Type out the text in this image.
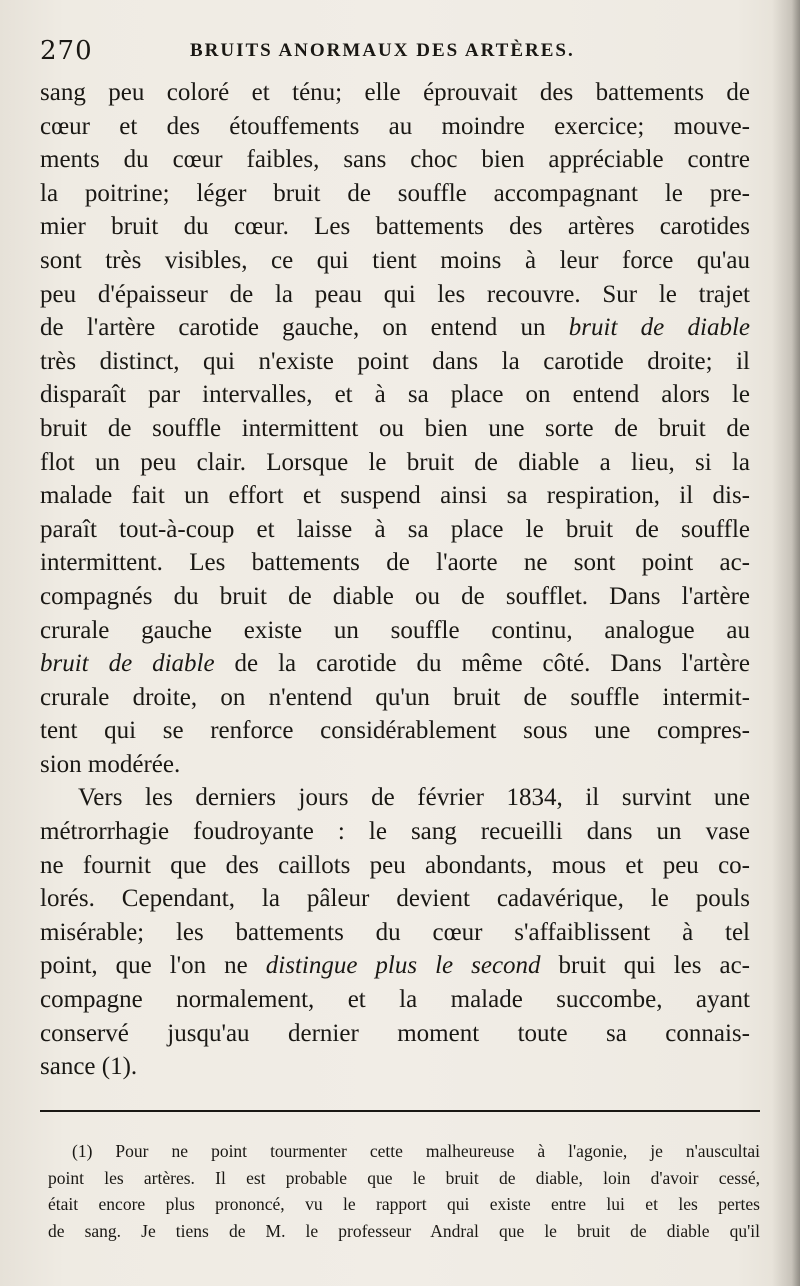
270	BRUITS ANORMAUX DES ARTÈRES.
sang peu coloré et ténu; elle éprouvait des battements de
cœur et des étouffements au moindre exercice; mouve-
ments du cœur faibles, sans choc bien appréciable contre
la poitrine; léger bruit de souffle accompagnant le pre-
mier bruit du cœur. Les battements des artères carotides
sont très visibles, ce qui tient moins à leur force qu'au
peu d'épaisseur de la peau qui les recouvre. Sur le trajet
de l'artère carotide gauche, on entend un bruit de diable
très distinct, qui n'existe point dans la carotide droite; il
disparaît par intervalles, et à sa place on entend alors le
bruit de souffle intermittent ou bien une sorte de bruit de
flot un peu clair. Lorsque le bruit de diable a lieu, si la
malade fait un effort et suspend ainsi sa respiration, il dis-
paraît tout-à-coup et laisse à sa place le bruit de souffle
intermittent. Les battements de l'aorte ne sont point ac-
compagnés du bruit de diable ou de soufflet. Dans l'artère
crurale gauche existe un souffle continu, analogue au
bruit de diable de la carotide du même côté. Dans l'artère
crurale droite, on n'entend qu'un bruit de souffle intermit-
tent qui se renforce considérablement sous une compres-
sion modérée.
Vers les derniers jours de février 1834, il survint une
métrorrhagie foudroyante : le sang recueilli dans un vase
ne fournit que des caillots peu abondants, mous et peu co-
lorés. Cependant, la pâleur devient cadavérique, le pouls
misérable; les battements du cœur s'affaiblissent à tel
point, que l'on ne distingue plus le second bruit qui les ac-
compagne normalement, et la malade succombe, ayant
conservé jusqu'au dernier moment toute sa connais-
sance (1).
(1) Pour ne point tourmenter cette malheureuse à l'agonie, je n'auscultai
point les artères. Il est probable que le bruit de diable, loin d'avoir cessé,
était encore plus prononcé, vu le rapport qui existe entre lui et les pertes
de sang. Je tiens de M. le professeur Andral que le bruit de diable qu'il
